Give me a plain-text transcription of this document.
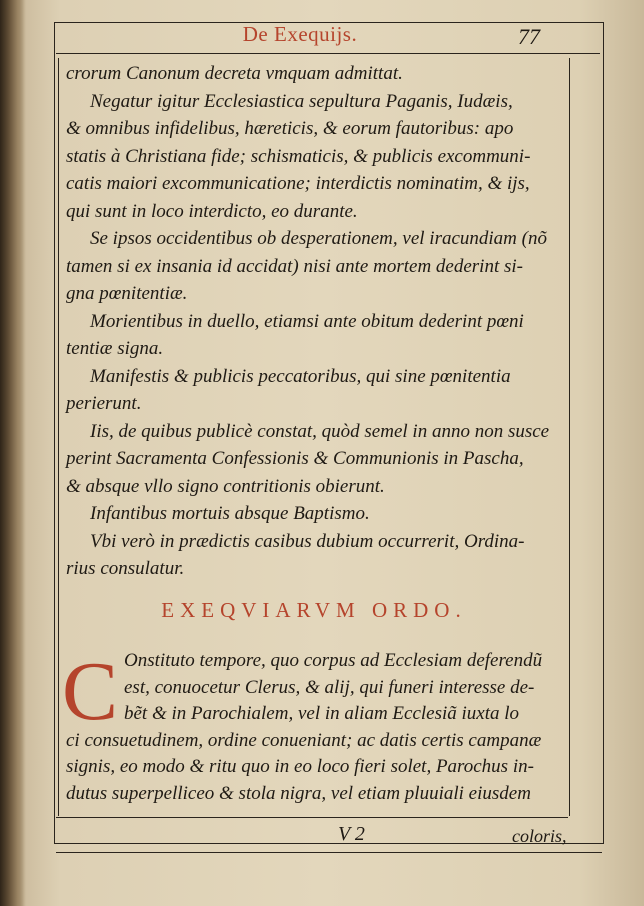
De Exequijs.	77
crorum Canonum decreta vmquam admittat.
Negatur igitur Ecclesiastica sepultura Paganis, Iudæis,
& omnibus infidelibus, hæreticis, & eorum fautoribus: apo
statis à Christiana fide; schismaticis, & publicis excommuni-
catis maiori excommunicatione; interdictis nominatim, & ijs,
qui sunt in loco interdicto, eo durante.
Se ipsos occidentibus ob desperationem, vel iracundiam (nõ
tamen si ex insania id accidat) nisi ante mortem dederint si-
gna pœnitentiæ.
Morientibus in duello, etiamsi ante obitum dederint pœni
tentiæ signa.
Manifestis & publicis peccatoribus, qui sine pœnitentia
perierunt.
Iis, de quibus publicè constat, quòd semel in anno non susce
perint Sacramenta Confessionis & Communionis in Pascha,
& absque vllo signo contritionis obierunt.
Infantibus mortuis absque Baptismo.
Vbi verò in prædictis casibus dubium occurrerit, Ordina-
rius consulatur.
EXEQVIARVM ORDO.
C Onstituto tempore, quo corpus ad Ecclesiam deferendũ
est, conuocetur Clerus, & alij, qui funeri interesse de-
bẽt & in Parochialem, vel in aliam Ecclesiã iuxta lo
ci consuetudinem, ordine conueniant; ac datis certis campanæ
signis, eo modo & ritu quo in eo loco fieri solet, Parochus in-
dutus superpelliceo & stola nigra, vel etiam pluuiali eiusdem
V 2	coloris,
